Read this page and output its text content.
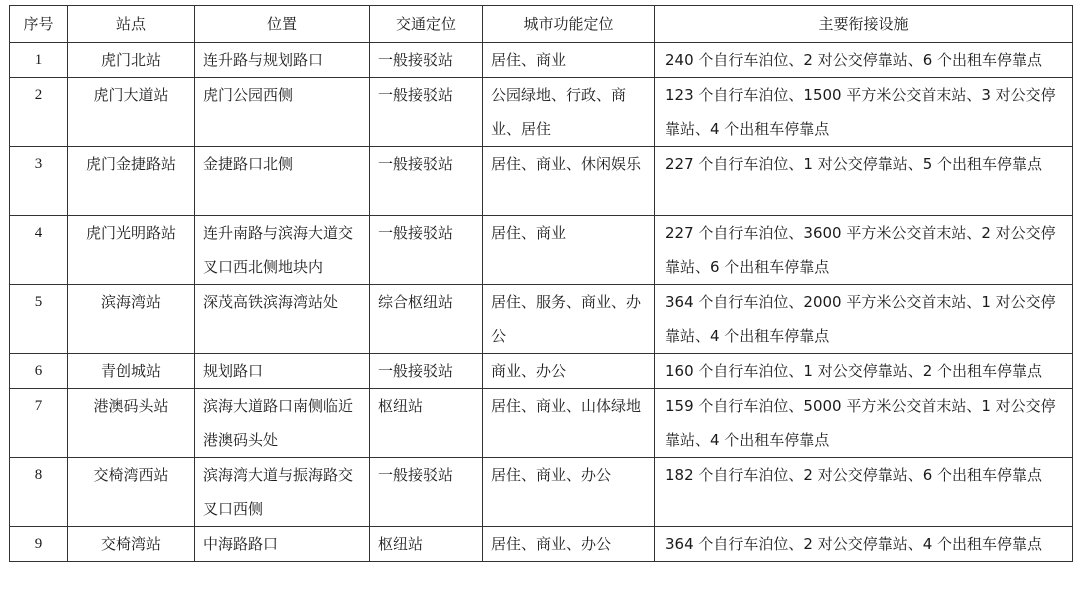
序号	站点	位置	交通定位	城市功能定位	主要衔接设施
1	虎门北站	连升路与规划路口	一般接驳站	居住、商业	240 个自行车泊位、2 对公交停靠站、6 个出租车停靠点
2	虎门大道站	虎门公园西侧	一般接驳站	公园绿地、行政、商业、居住	123 个自行车泊位、1500 平方米公交首末站、3 对公交停靠站、4 个出租车停靠点
3	虎门金捷路站	金捷路口北侧	一般接驳站	居住、商业、休闲娱乐	227 个自行车泊位、1 对公交停靠站、5 个出租车停靠点
4	虎门光明路站	连升南路与滨海大道交叉口西北侧地块内	一般接驳站	居住、商业	227 个自行车泊位、3600 平方米公交首末站、2 对公交停靠站、6 个出租车停靠点
5	滨海湾站	深茂高铁滨海湾站处	综合枢纽站	居住、服务、商业、办公	364 个自行车泊位、2000 平方米公交首末站、1 对公交停靠站、4 个出租车停靠点
6	青创城站	规划路口	一般接驳站	商业、办公	160 个自行车泊位、1 对公交停靠站、2 个出租车停靠点
7	港澳码头站	滨海大道路口南侧临近港澳码头处	枢纽站	居住、商业、山体绿地	159 个自行车泊位、5000 平方米公交首末站、1 对公交停靠站、4 个出租车停靠点
8	交椅湾西站	滨海湾大道与振海路交叉口西侧	一般接驳站	居住、商业、办公	182 个自行车泊位、2 对公交停靠站、6 个出租车停靠点
9	交椅湾站	中海路路口	枢纽站	居住、商业、办公	364 个自行车泊位、2 对公交停靠站、4 个出租车停靠点
